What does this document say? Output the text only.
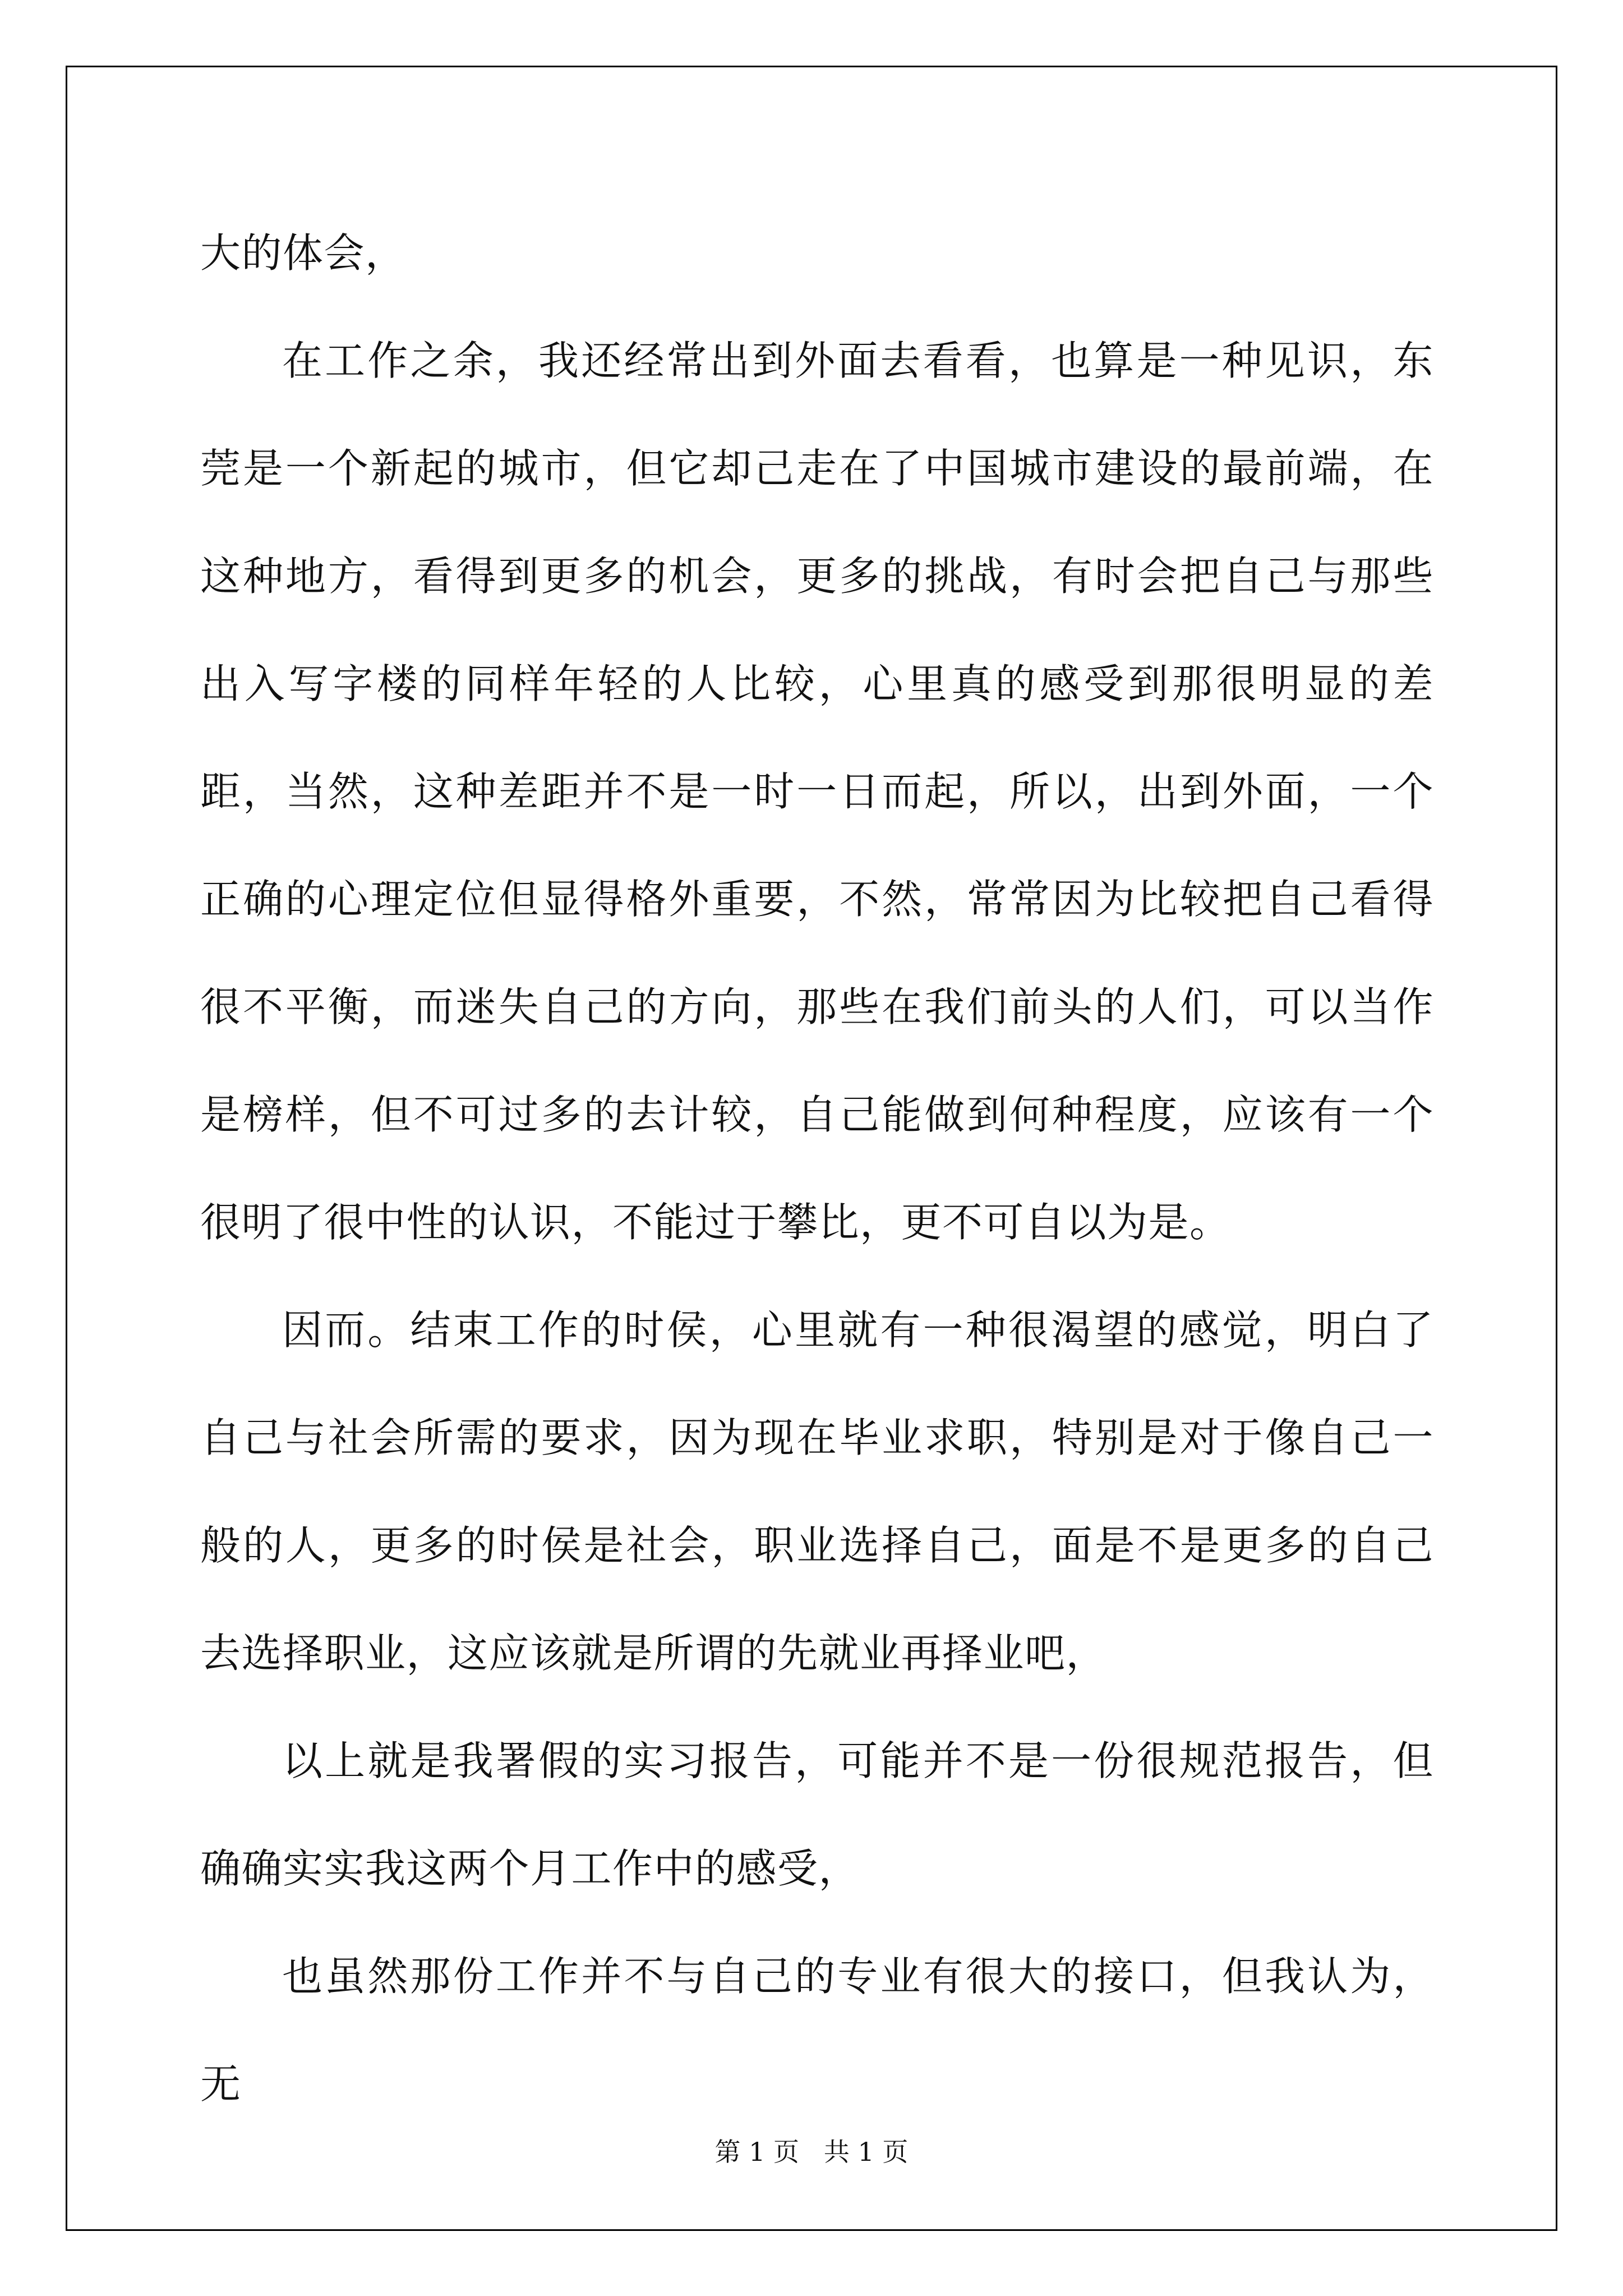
大的体会，

在工作之余，我还经常出到外面去看看，也算是一种见识，东莞是一个新起的城市，但它却己走在了中国城市建设的最前端，在这种地方，看得到更多的机会，更多的挑战，有时会把自己与那些出入写字楼的同样年轻的人比较，心里真的感受到那很明显的差距，当然，这种差距并不是一时一日而起，所以，出到外面，一个正确的心理定位但显得格外重要，不然，常常因为比较把自己看得很不平衡，而迷失自己的方向，那些在我们前头的人们，可以当作是榜样，但不可过多的去计较，自己能做到何种程度，应该有一个很明了很中性的认识，不能过于攀比，更不可自以为是。

因而。结束工作的时侯，心里就有一种很渴望的感觉，明白了自己与社会所需的要求，因为现在毕业求职，特别是对于像自己一般的人，更多的时侯是社会，职业选择自己，面是不是更多的自己去选择职业，这应该就是所谓的先就业再择业吧，

以上就是我署假的实习报告，可能并不是一份很规范报告，但确确实实我这两个月工作中的感受，

也虽然那份工作并不与自己的专业有很大的接口，但我认为，无

第 1 页   共 1 页
